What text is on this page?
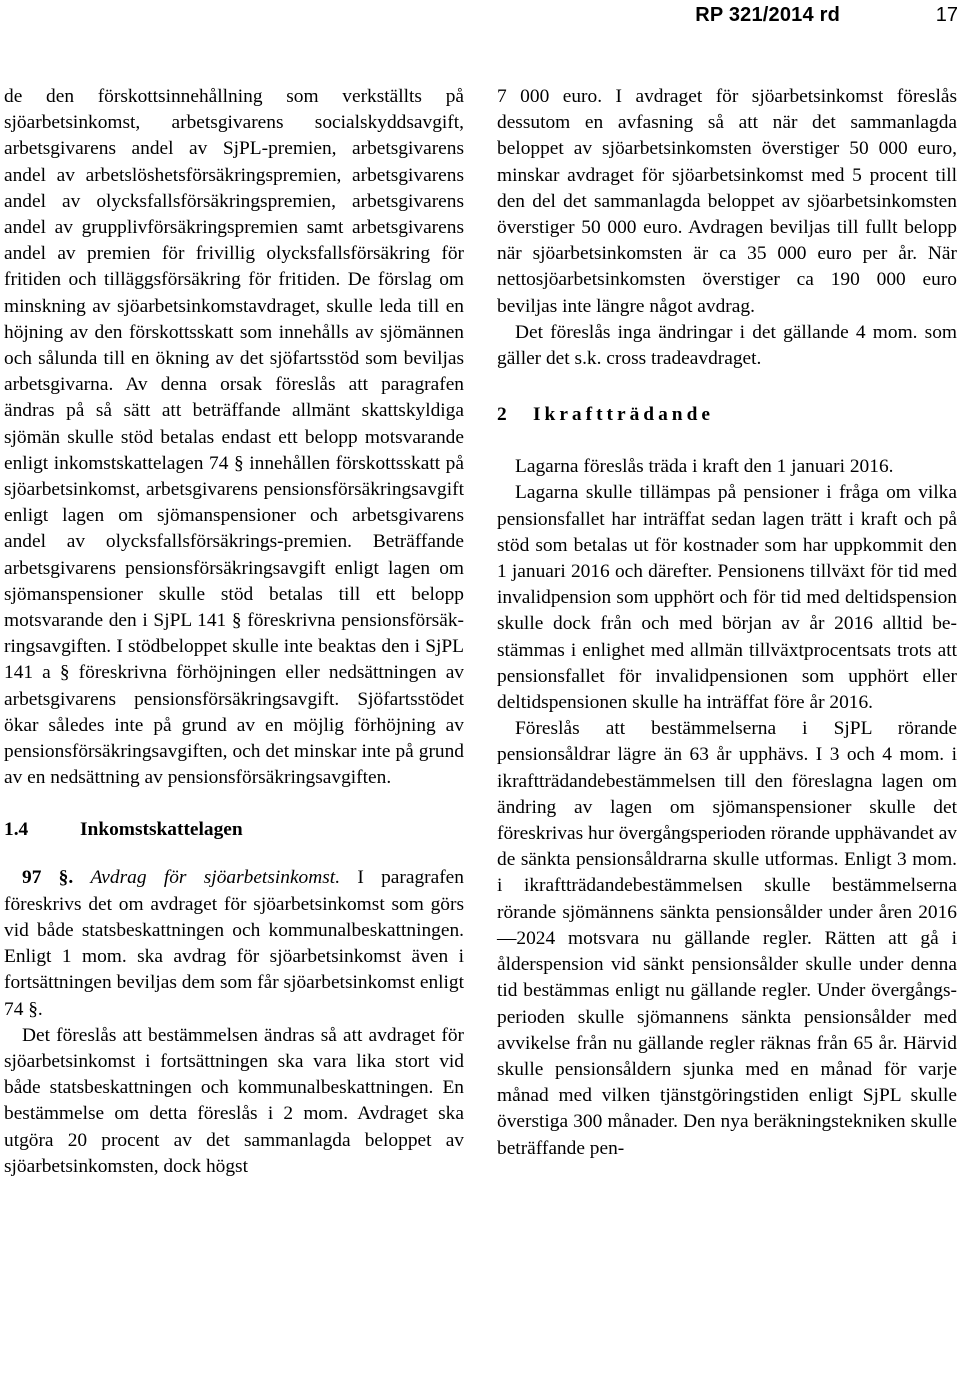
RP 321/2014 rd	17

de den förskottsinnehållning som verkställts på sjöarbetsinkomst, arbetsgivarens socialskyddsavgift, arbetsgivarens andel av SjPL-premien, arbetsgivarens andel av arbetslöshetsförsäkringspremien, arbetsgivarens andel av olycksfallsförsäkringspremien, arbetsgivarens andel av grupplivförsäkringspremien samt arbetsgivarens andel av premien för frivillig olycksfallsförsäkring för fritiden och tilläggsförsäkring för fritiden. De förslag om minskning av sjöarbetsinkomstavdraget, skulle leda till en höjning av den förskottsskatt som innehålls av sjömännen och sålunda till en ökning av det sjöfartsstöd som beviljas arbetsgivarna. Av denna orsak föreslås att paragrafen ändras på så sätt att beträffande allmänt skattskyldiga sjömän skulle stöd betalas endast ett belopp motsvarande enligt inkomstskattelagen 74 § innehållen förskottsskatt på sjöarbetsinkomst, arbetsgivarens pensionsförsäkringsavgift enligt lagen om sjömanspensioner och arbetsgivarens andel av olycksfallsförsäkrings-premien. Beträffande arbetsgivarens pensionsförsäkringsavgift enligt lagen om sjömanspensioner skulle stöd betalas till ett belopp motsvarande den i SjPL 141 § föreskrivna pensionsförsäkringsavgiften. I stödbeloppet skulle inte beaktas den i SjPL 141 a § föreskrivna förhöjningen eller nedsättningen av arbetsgivarens pensionsförsäkringsavgift. Sjöfartsstödet ökar således inte på grund av en möjlig förhöjning av pensionsförsäkringsavgiften, och det minskar inte på grund av en nedsättning av pensionsförsäkringsavgiften.

1.4	Inkomstskattelagen

97 §. Avdrag för sjöarbetsinkomst. I paragrafen föreskrivs det om avdraget för sjöarbetsinkomst som görs vid både statsbeskattningen och kommunalbeskattningen. Enligt 1 mom. ska avdrag för sjöarbetsinkomst även i fortsättningen beviljas dem som får sjöarbetsinkomst enligt 74 §.

Det föreslås att bestämmelsen ändras så att avdraget för sjöarbetsinkomst i fortsättningen ska vara lika stort vid både statsbeskattningen och kommunalbeskattningen. En bestämmelse om detta föreslås i 2 mom. Avdraget ska utgöra 20 procent av det sammanlagda beloppet av sjöarbetsinkomsten, dock högst

7 000 euro. I avdraget för sjöarbetsinkomst föreslås dessutom en avfasning så att när det sammanlagda beloppet av sjöarbetsinkomsten överstiger 50 000 euro, minskar avdraget för sjöarbetsinkomst med 5 procent till den del det sammanlagda beloppet av sjöarbetsinkomsten överstiger 50 000 euro. Avdragen beviljas till fullt belopp när sjöarbetsinkomsten är ca 35 000 euro per år. När nettosjöarbetsinkomsten överstiger ca 190 000 euro beviljas inte längre något avdrag.

Det föreslås inga ändringar i det gällande 4 mom. som gäller det s.k. cross tradeavdraget.

2 Ikraftträdande

Lagarna föreslås träda i kraft den 1 januari 2016.

Lagarna skulle tillämpas på pensioner i fråga om vilka pensionsfallet har inträffat sedan lagen trätt i kraft och på stöd som betalas ut för kostnader som har uppkommit den 1 januari 2016 och därefter. Pensionens tillväxt för tid med invalidpension som upphört och för tid med deltidspension skulle dock från och med början av år 2016 alltid bestämmas i enlighet med allmän tillväxtprocentsats trots att pensionsfallet för invalidpensionen som upphört eller deltidspensionen skulle ha inträffat före år 2016.

Föreslås att bestämmelserna i SjPL rörande pensionsåldrar lägre än 63 år upphävs. I 3 och 4 mom. i ikraftträdandebestämmelsen till den föreslagna lagen om ändring av lagen om sjömanspensioner skulle det föreskrivas hur övergångsperioden rörande upphävandet av de sänkta pensionsåldrarna skulle utformas. Enligt 3 mom. i ikraftträdandebestämmelsen skulle bestämmelserna rörande sjömännens sänkta pensionsålder under åren 2016—2024 motsvara nu gällande regler. Rätten att gå i ålderspension vid sänkt pensionsålder skulle under denna tid bestämmas enligt nu gällande regler. Under övergångsperioden skulle sjömannens sänkta pensionsålder med avvikelse från nu gällande regler räknas från 65 år. Härvid skulle pensionsåldern sjunka med en månad för varje månad med vilken tjänstgöringstiden enligt SjPL skulle överstiga 300 månader. Den nya beräkningstekniken skulle beträffande pen-
